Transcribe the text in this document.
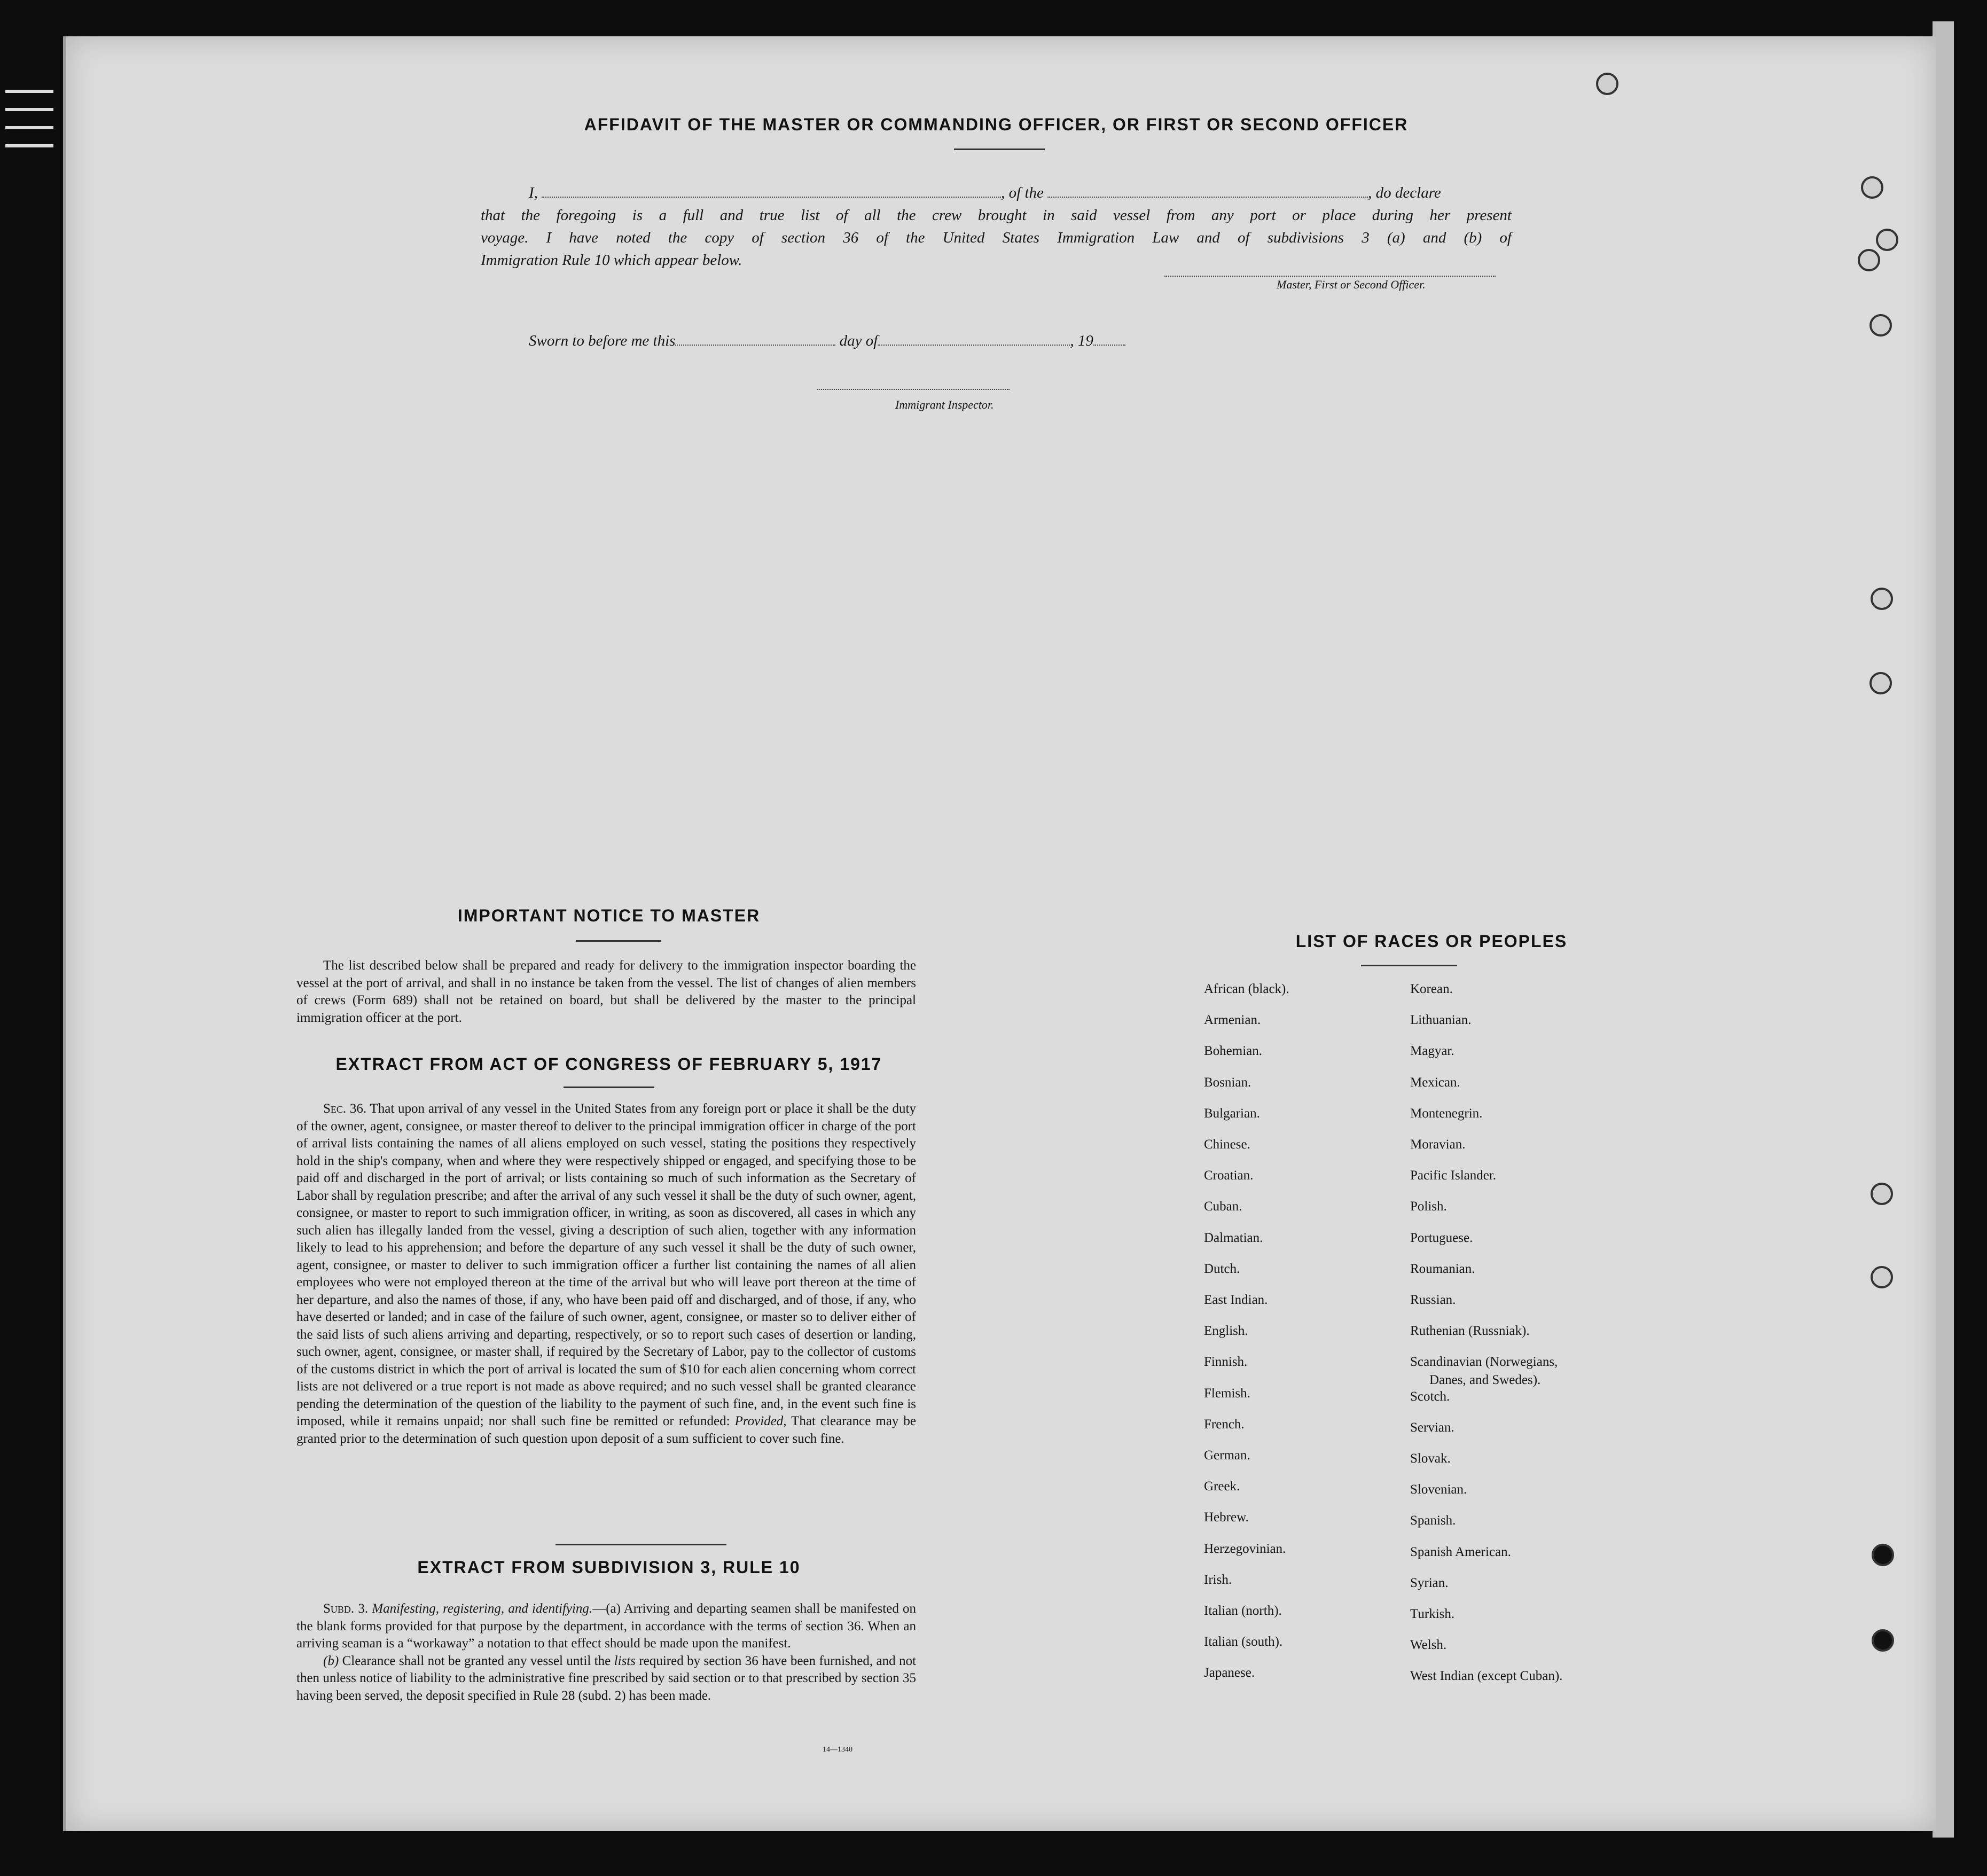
AFFIDAVIT OF THE MASTER OR COMMANDING OFFICER, OR FIRST OR SECOND OFFICER

I,	, of the	, do declare

that the foregoing is a full and true list of all the crew brought in said vessel from any port or place during her present

voyage. I have noted the copy of section 36 of the United States Immigration Law and of subdivisions 3 (a) and (b) of

Immigration Rule 10 which appear below.

Master, First or Second Officer.
Sworn to before me this	day of	, 19
Immigrant Inspector.
IMPORTANT NOTICE TO MASTER

The list described below shall be prepared and ready for delivery to the immigration inspector boarding the vessel at the port of arrival, and shall in no instance be taken from the vessel. The list of changes of alien members of crews (Form 689) shall not be retained on board, but shall be delivered by the master to the principal immigration officer at the port.

EXTRACT FROM ACT OF CONGRESS OF FEBRUARY 5, 1917

Sec. 36. That upon arrival of any vessel in the United States from any foreign port or place it shall be the duty of the owner, agent, consignee, or master thereof to deliver to the principal immigration officer in charge of the port of arrival lists containing the names of all aliens employed on such vessel, stating the positions they respectively hold in the ship's company, when and where they were respectively shipped or engaged, and specifying those to be paid off and discharged in the port of arrival; or lists containing so much of such information as the Secretary of Labor shall by regulation prescribe; and after the arrival of any such vessel it shall be the duty of such owner, agent, consignee, or master to report to such immigration officer, in writing, as soon as discovered, all cases in which any such alien has illegally landed from the vessel, giving a description of such alien, together with any information likely to lead to his apprehension; and before the departure of any such vessel it shall be the duty of such owner, agent, consignee, or master to deliver to such immigration officer a further list containing the names of all alien employees who were not employed thereon at the time of the arrival but who will leave port thereon at the time of her departure, and also the names of those, if any, who have been paid off and discharged, and of those, if any, who have deserted or landed; and in case of the failure of such owner, agent, consignee, or master so to deliver either of the said lists of such aliens arriving and departing, respectively, or so to report such cases of desertion or landing, such owner, agent, consignee, or master shall, if required by the Secretary of Labor, pay to the collector of customs of the customs district in which the port of arrival is located the sum of $10 for each alien concerning whom correct lists are not delivered or a true report is not made as above required; and no such vessel shall be granted clearance pending the determination of the question of the liability to the payment of such fine, and, in the event such fine is imposed, while it remains unpaid; nor shall such fine be remitted or refunded: Provided, That clearance may be granted prior to the determination of such question upon deposit of a sum sufficient to cover such fine.

EXTRACT FROM SUBDIVISION 3, RULE 10

Subd. 3. Manifesting, registering, and identifying.—(a) Arriving and departing seamen shall be manifested on the blank forms provided for that purpose by the department, in accordance with the terms of section 36. When an arriving seaman is a “workaway” a notation to that effect should be made upon the manifest.

(b) Clearance shall not be granted any vessel until the lists required by section 36 have been furnished, and not then unless notice of liability to the administrative fine prescribed by said section or to that prescribed by section 35 having been served, the deposit specified in Rule 28 (subd. 2) has been made.

14—1340
LIST OF RACES OR PEOPLES
African (black).
Armenian.
Bohemian.
Bosnian.
Bulgarian.
Chinese.
Croatian.
Cuban.
Dalmatian.
Dutch.
East Indian.
English.
Finnish.
Flemish.
French.
German.
Greek.
Hebrew.
Herzegovinian.
Irish.
Italian (north).
Italian (south).
Japanese.
Korean.
Lithuanian.
Magyar.
Mexican.
Montenegrin.
Moravian.
Pacific Islander.
Polish.
Portuguese.
Roumanian.
Russian.
Ruthenian (Russniak).
Scandinavian (Norwegians,
Scotch.
Servian.
Slovak.
Slovenian.
Spanish.
Spanish American.
Syrian.
Turkish.
Welsh.
West Indian (except Cuban).
Danes, and Swedes).
